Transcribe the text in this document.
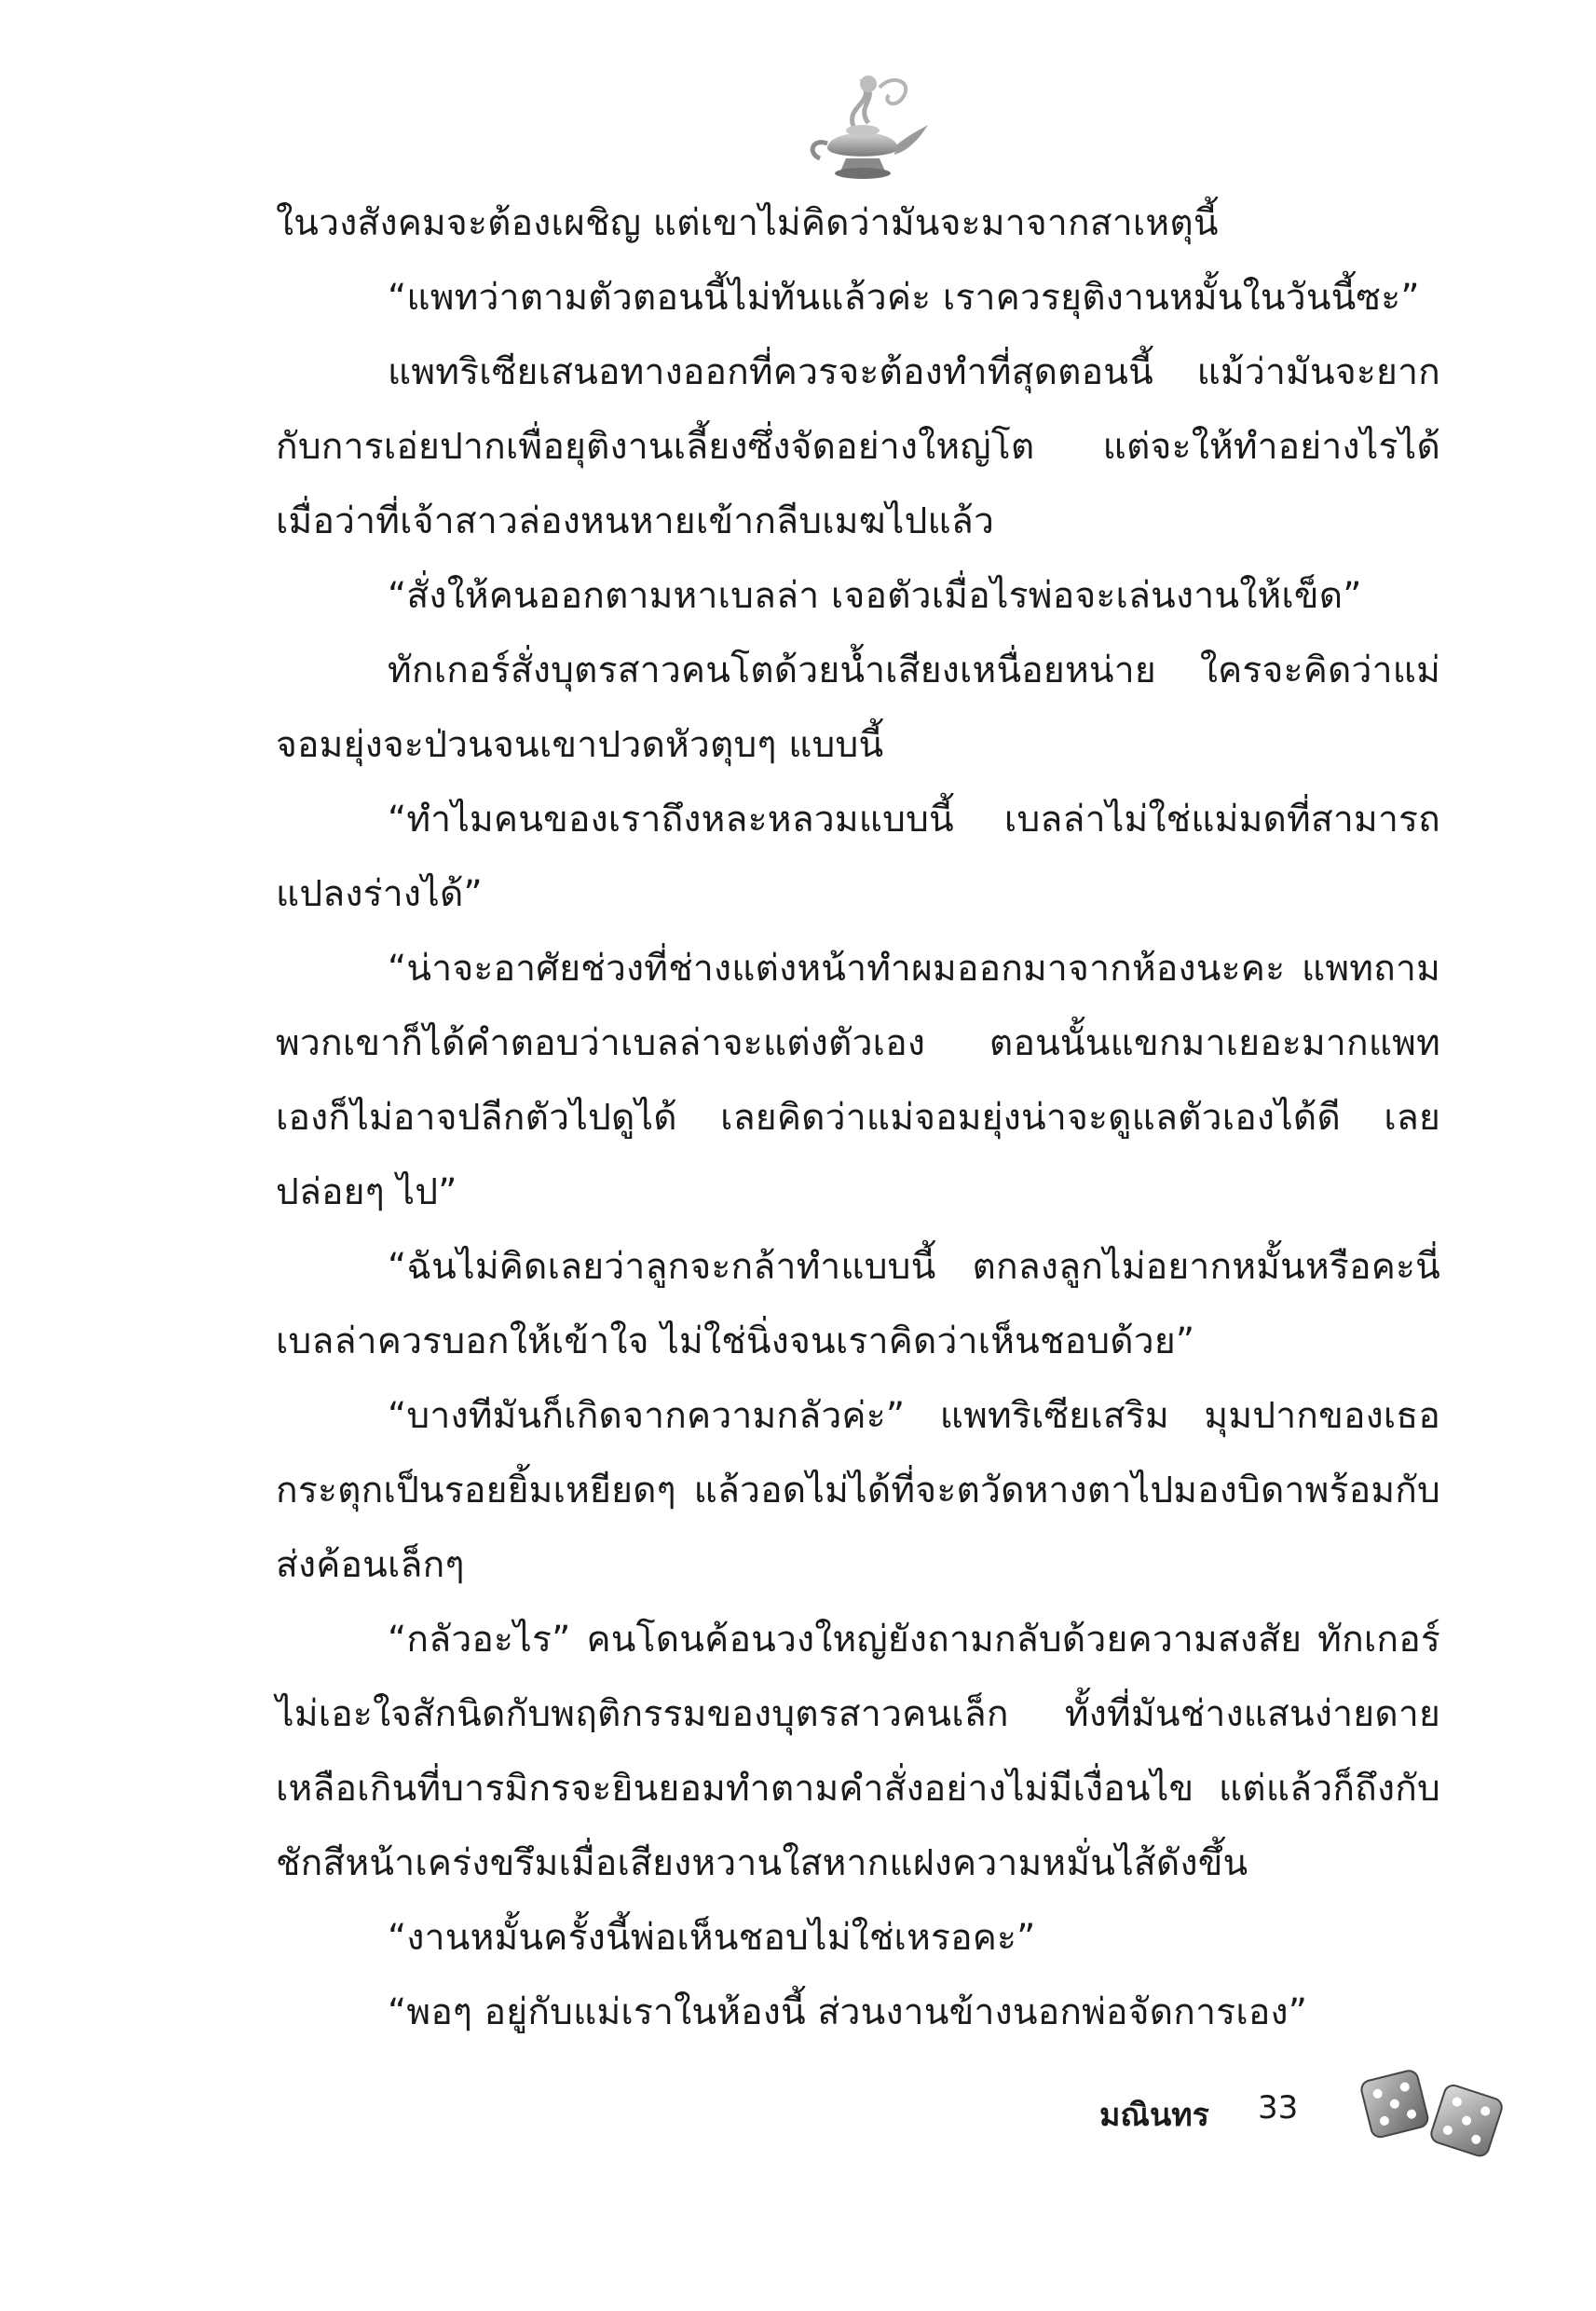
ในวงสังคมจะต้องเผชิญ แต่เขาไม่คิดว่ามันจะมาจากสาเหตุนี้

“แพทว่าตามตัวตอนนี้ไม่ทันแล้วค่ะ เราควรยุติงานหมั้นในวันนี้ซะ”

แพทริเซียเสนอทางออกที่ควรจะต้องทำที่สุดตอนนี้ แม้ว่ามันจะยากกับการเอ่ยปากเพื่อยุติงานเลี้ยงซึ่งจัดอย่างใหญ่โต แต่จะให้ทำอย่างไรได้เมื่อว่าที่เจ้าสาวล่องหนหายเข้ากลีบเมฆไปแล้ว

“สั่งให้คนออกตามหาเบลล่า เจอตัวเมื่อไรพ่อจะเล่นงานให้เข็ด”

ทักเกอร์สั่งบุตรสาวคนโตด้วยน้ำเสียงเหนื่อยหน่าย ใครจะคิดว่าแม่จอมยุ่งจะป่วนจนเขาปวดหัวตุบๆ แบบนี้

“ทำไมคนของเราถึงหละหลวมแบบนี้ เบลล่าไม่ใช่แม่มดที่สามารถแปลงร่างได้”

“น่าจะอาศัยช่วงที่ช่างแต่งหน้าทำผมออกมาจากห้องนะคะ แพทถามพวกเขาก็ได้คำตอบว่าเบลล่าจะแต่งตัวเอง ตอนนั้นแขกมาเยอะมากแพทเองก็ไม่อาจปลีกตัวไปดูได้ เลยคิดว่าแม่จอมยุ่งน่าจะดูแลตัวเองได้ดี เลยปล่อยๆ ไป”

“ฉันไม่คิดเลยว่าลูกจะกล้าทำแบบนี้ ตกลงลูกไม่อยากหมั้นหรือคะนี่เบลล่าควรบอกให้เข้าใจ ไม่ใช่นิ่งจนเราคิดว่าเห็นชอบด้วย”

“บางทีมันก็เกิดจากความกลัวค่ะ” แพทริเซียเสริม มุมปากของเธอกระตุกเป็นรอยยิ้มเหยียดๆ แล้วอดไม่ได้ที่จะตวัดหางตาไปมองบิดาพร้อมกับส่งค้อนเล็กๆ

“กลัวอะไร” คนโดนค้อนวงใหญ่ยังถามกลับด้วยความสงสัย ทักเกอร์ไม่เอะใจสักนิดกับพฤติกรรมของบุตรสาวคนเล็ก ทั้งที่มันช่างแสนง่ายดายเหลือเกินที่บารมิกรจะยินยอมทำตามคำสั่งอย่างไม่มีเงื่อนไข แต่แล้วก็ถึงกับชักสีหน้าเคร่งขรึมเมื่อเสียงหวานใสหากแฝงความหมั่นไส้ดังขึ้น

“งานหมั้นครั้งนี้พ่อเห็นชอบไม่ใช่เหรอคะ”

“พอๆ อยู่กับแม่เราในห้องนี้ ส่วนงานข้างนอกพ่อจัดการเอง”

มณินทร 33
